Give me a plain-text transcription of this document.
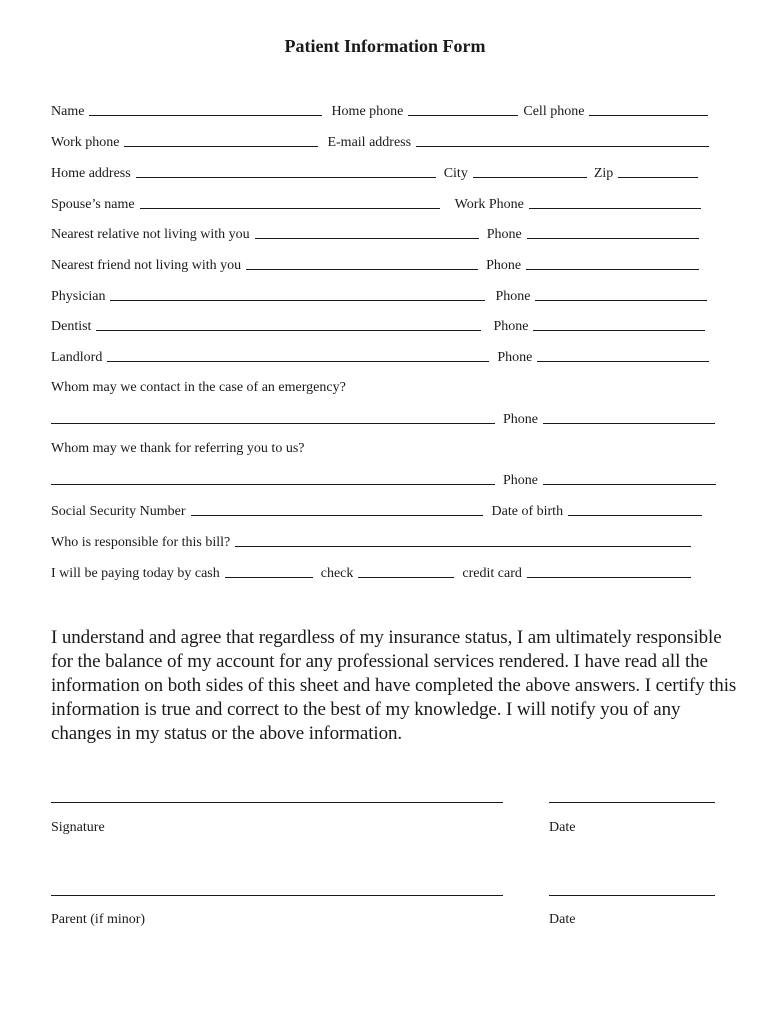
Patient Information Form
Name	Home phone	Cell phone
Work phone	E-mail address
Home address	City	Zip
Spouse’s name	Work Phone
Nearest relative not living with you	Phone
Nearest friend not living with you	Phone
Physician	Phone
Dentist	Phone
Landlord	Phone
Whom may we contact in the case of an emergency?
Phone
Whom may we thank for referring you to us?
Phone
Social Security Number	Date of birth
Who is responsible for this bill?
I will be paying today by cash	check	credit card
I understand and agree that regardless of my insurance status, I am ultimately responsible for the balance of my account for any professional services rendered. I have read all the information on both sides of this sheet and have completed the above answers. I certify this information is true and correct to the best of my knowledge. I will notify you of any changes in my status or the above information.
Signature	Date
Parent (if minor)	Date
